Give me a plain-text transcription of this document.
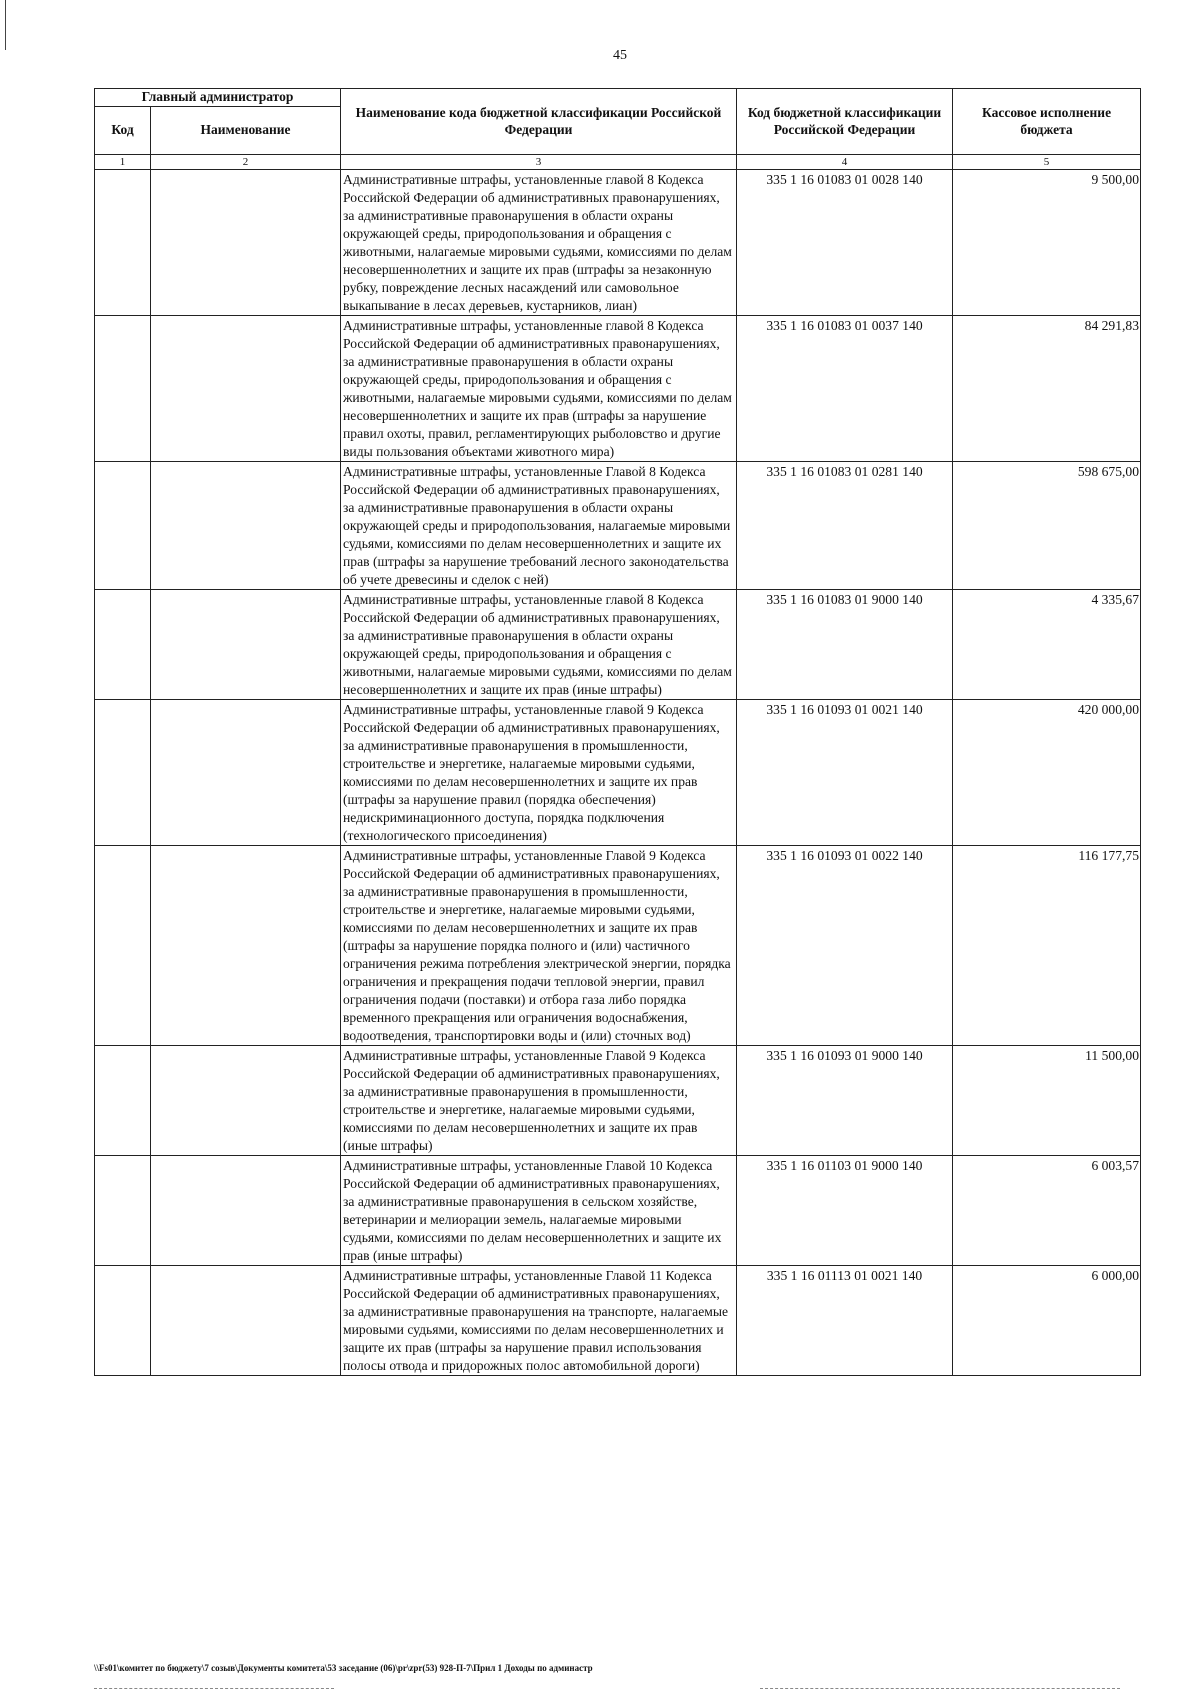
45
Главный администратор		Наименование кода бюджетной классификации Российской Федерации	Код бюджетной классификации Российской Федерации	Кассовое исполнение бюджета
Код	Наименование			
1	2	3	4	5
		Административные штрафы, установленные главой 8 Кодекса Российской Федерации об административных правонарушениях, за административные правонарушения в области охраны окружающей среды, природопользования и обращения с животными, налагаемые мировыми судьями, комиссиями по делам несовершеннолетних и защите их прав (штрафы за незаконную рубку, повреждение лесных насаждений или самовольное выкапывание в лесах деревьев, кустарников, лиан)	335 1 16 01083 01 0028 140	9 500,00
		Административные штрафы, установленные главой 8 Кодекса Российской Федерации об административных правонарушениях, за административные правонарушения в области охраны окружающей среды, природопользования и обращения с животными, налагаемые мировыми судьями, комиссиями по делам несовершеннолетних и защите их прав (штрафы за нарушение правил охоты, правил, регламентирующих рыболовство и другие виды пользования объектами животного мира)	335 1 16 01083 01 0037 140	84 291,83
		Административные штрафы, установленные Главой 8 Кодекса Российской Федерации об административных правонарушениях, за административные правонарушения в области охраны окружающей среды и природопользования, налагаемые мировыми судьями, комиссиями по делам несовершеннолетних и защите их прав (штрафы за нарушение требований лесного законодательства об учете древесины и сделок с ней)	335 1 16 01083 01 0281 140	598 675,00
		Административные штрафы, установленные главой 8 Кодекса Российской Федерации об административных правонарушениях, за административные правонарушения в области охраны окружающей среды, природопользования и обращения с животными, налагаемые мировыми судьями, комиссиями по делам несовершеннолетних и защите их прав (иные штрафы)	335 1 16 01083 01 9000 140	4 335,67
		Административные штрафы, установленные главой 9 Кодекса Российской Федерации об административных правонарушениях, за административные правонарушения в промышленности, строительстве и энергетике, налагаемые мировыми судьями, комиссиями по делам несовершеннолетних и защите их прав (штрафы за нарушение правил (порядка обеспечения) недискриминационного доступа, порядка подключения (технологического присоединения)	335 1 16 01093 01 0021 140	420 000,00
		Административные штрафы, установленные Главой 9 Кодекса Российской Федерации об административных правонарушениях, за административные правонарушения в промышленности, строительстве и энергетике, налагаемые мировыми судьями, комиссиями по делам несовершеннолетних и защите их прав (штрафы за нарушение порядка полного и (или) частичного ограничения режима потребления электрической энергии, порядка ограничения и прекращения подачи тепловой энергии, правил ограничения подачи (поставки) и отбора газа либо порядка временного прекращения или ограничения водоснабжения, водоотведения, транспортировки воды и (или) сточных вод)	335 1 16 01093 01 0022 140	116 177,75
		Административные штрафы, установленные Главой 9 Кодекса Российской Федерации об административных правонарушениях, за административные правонарушения в промышленности, строительстве и энергетике, налагаемые мировыми судьями, комиссиями по делам несовершеннолетних и защите их прав (иные штрафы)	335 1 16 01093 01 9000 140	11 500,00
		Административные штрафы, установленные Главой 10 Кодекса Российской Федерации об административных правонарушениях, за административные правонарушения в сельском хозяйстве, ветеринарии и мелиорации земель, налагаемые мировыми судьями, комиссиями по делам несовершеннолетних и защите их прав (иные штрафы)	335 1 16 01103 01 9000 140	6 003,57
		Административные штрафы, установленные Главой 11 Кодекса Российской Федерации об административных правонарушениях, за административные правонарушения на транспорте, налагаемые мировыми судьями, комиссиями по делам несовершеннолетних и защите их прав (штрафы за нарушение правил использования полосы отвода и придорожных полос автомобильной дороги)	335 1 16 01113 01 0021 140	6 000,00
\\Fs01\комитет по бюджету\7 созыв\Документы комитета\53 заседание (06)\pr\zpr(53) 928-П-7\Прил 1 Доходы по админастр
